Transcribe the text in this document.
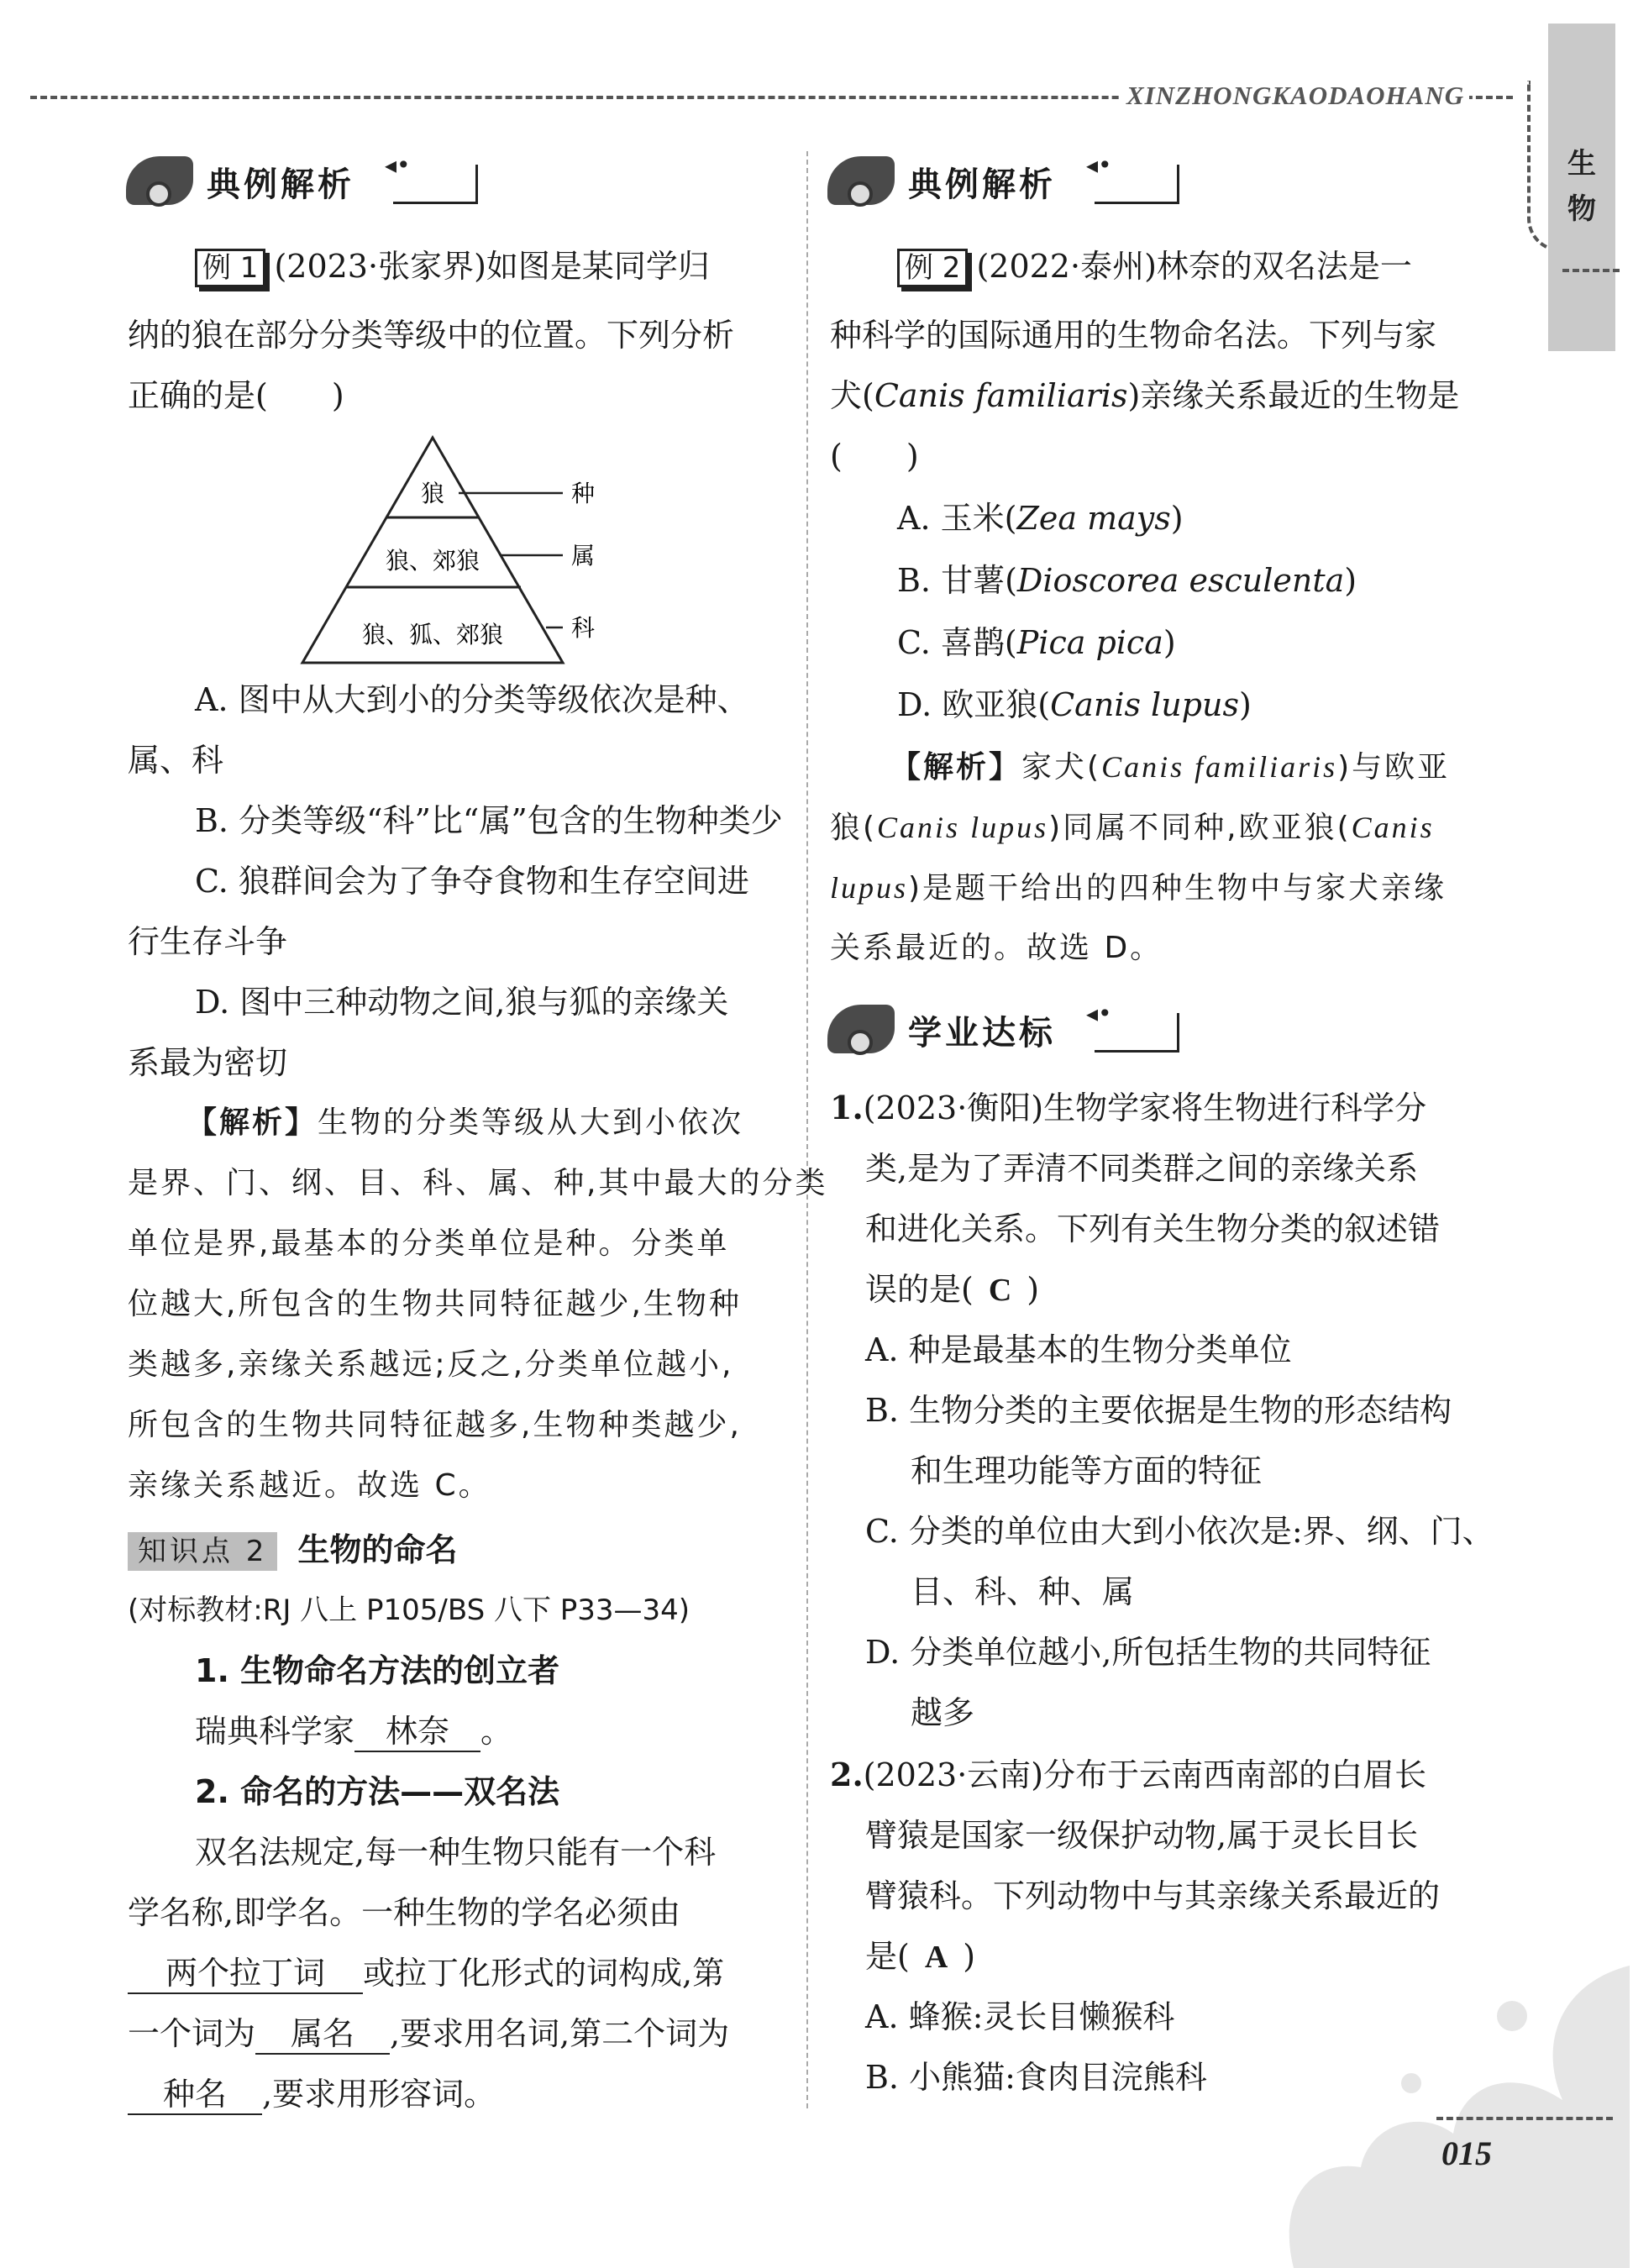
XINZHONGKAODAOHANG
生
物
典例解析
◂•
例 1 (2023·张家界)如图是某同学归
纳的狼在部分分类等级中的位置。下列分析
正确的是(　　)
狼
狼、郊狼
狼、狐、郊狼
种
属
科
A. 图中从大到小的分类等级依次是种、
属、科
B. 分类等级“科”比“属”包含的生物种类少
C. 狼群间会为了争夺食物和生存空间进
行生存斗争
D. 图中三种动物之间,狼与狐的亲缘关
系最为密切
【解析】生物的分类等级从大到小依次
是界、门、纲、目、科、属、种,其中最大的分类
单位是界,最基本的分类单位是种。分类单
位越大,所包含的生物共同特征越少,生物种
类越多,亲缘关系越远;反之,分类单位越小,
所包含的生物共同特征越多,生物种类越少,
亲缘关系越近。故选 C。
知识点 2 生物的命名
(对标教材:RJ 八上 P105/BS 八下 P33—34)
1. 生物命名方法的创立者
瑞典科学家 林奈 。
2. 命名的方法——双名法
双名法规定,每一种生物只能有一个科
学名称,即学名。一种生物的学名必须由
两个拉丁词 或拉丁化形式的词构成,第
一个词为 属名 ,要求用名词,第二个词为
种名 ,要求用形容词。
典例解析
◂•
例 2 (2022·泰州)林奈的双名法是一
种科学的国际通用的生物命名法。下列与家
犬(Canis familiaris)亲缘关系最近的生物是
(　　)
A. 玉米(Zea mays)
B. 甘薯(Dioscorea esculenta)
C. 喜鹊(Pica pica)
D. 欧亚狼(Canis lupus)
【解析】家犬(Canis familiaris)与欧亚
狼(Canis lupus)同属不同种,欧亚狼(Canis
lupus)是题干给出的四种生物中与家犬亲缘
关系最近的。故选 D。
学业达标
◂•
1.(2023·衡阳)生物学家将生物进行科学分
类,是为了弄清不同类群之间的亲缘关系
和进化关系。下列有关生物分类的叙述错
误的是( C )
A. 种是最基本的生物分类单位
B. 生物分类的主要依据是生物的形态结构
和生理功能等方面的特征
C. 分类的单位由大到小依次是:界、纲、门、
目、科、种、属
D. 分类单位越小,所包括生物的共同特征
越多
2.(2023·云南)分布于云南西南部的白眉长
臂猿是国家一级保护动物,属于灵长目长
臂猿科。下列动物中与其亲缘关系最近的
是( A )
A. 蜂猴:灵长目懒猴科
B. 小熊猫:食肉目浣熊科
015
